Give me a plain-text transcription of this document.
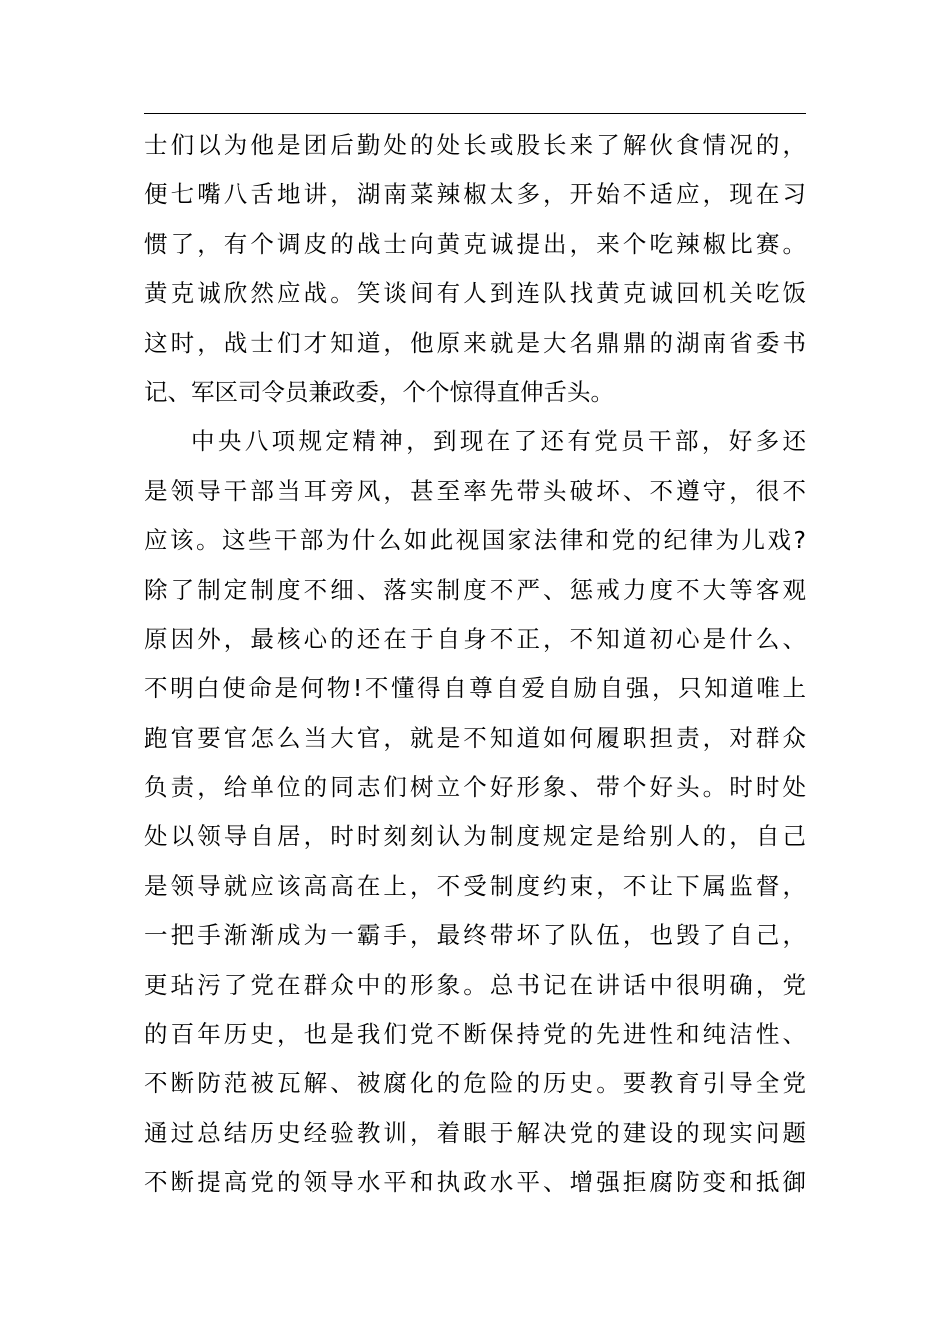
士们以为他是团后勤处的处长或股长来了解伙食情况的，
便七嘴八舌地讲，湖南菜辣椒太多，开始不适应，现在习
惯了，有个调皮的战士向黄克诚提出，来个吃辣椒比赛。
黄克诚欣然应战。笑谈间有人到连队找黄克诚回机关吃饭
这时，战士们才知道，他原来就是大名鼎鼎的湖南省委书
记、军区司令员兼政委，个个惊得直伸舌头。
中央八项规定精神，到现在了还有党员干部，好多还
是领导干部当耳旁风，甚至率先带头破坏、不遵守，很不
应该。这些干部为什么如此视国家法律和党的纪律为儿戏?
除了制定制度不细、落实制度不严、惩戒力度不大等客观
原因外，最核心的还在于自身不正，不知道初心是什么、
不明白使命是何物!不懂得自尊自爱自励自强，只知道唯上
跑官要官怎么当大官，就是不知道如何履职担责，对群众
负责，给单位的同志们树立个好形象、带个好头。时时处
处以领导自居，时时刻刻认为制度规定是给别人的，自己
是领导就应该高高在上，不受制度约束，不让下属监督，
一把手渐渐成为一霸手，最终带坏了队伍，也毁了自己，
更玷污了党在群众中的形象。总书记在讲话中很明确，党
的百年历史，也是我们党不断保持党的先进性和纯洁性、
不断防范被瓦解、被腐化的危险的历史。要教育引导全党
通过总结历史经验教训，着眼于解决党的建设的现实问题
不断提高党的领导水平和执政水平、增强拒腐防变和抵御
